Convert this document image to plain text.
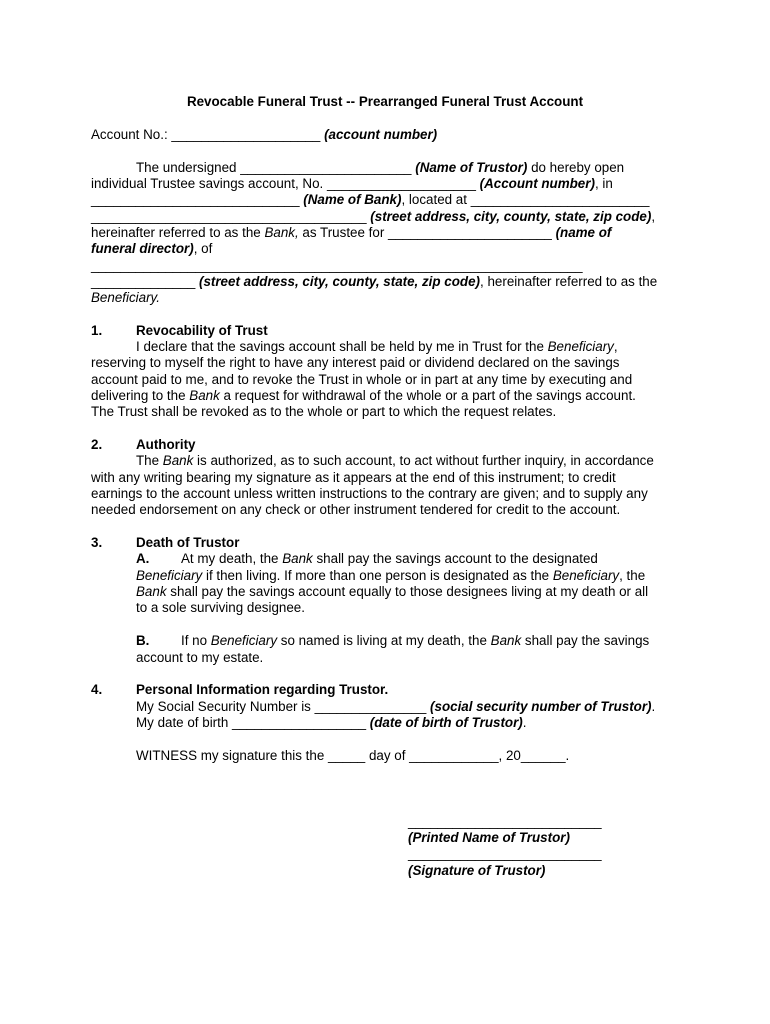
Revocable Funeral Trust -- Prearranged Funeral Trust Account
Account No.: ____________________ (account number)
The undersigned _______________________ (Name of Trustor) do hereby open
individual Trustee savings account, No. ____________________ (Account number), in
____________________________ (Name of Bank), located at ________________________
_____________________________________ (street address, city, county, state, zip code),
hereinafter referred to as the Bank, as Trustee for ______________________ (name of
funeral director), of
__________________________________________________________________
______________ (street address, city, county, state, zip code), hereinafter referred to as the
Beneficiary.
1.	Revocability of Trust
I declare that the savings account shall be held by me in Trust for the Beneficiary,
reserving to myself the right to have any interest paid or dividend declared on the savings
account paid to me, and to revoke the Trust in whole or in part at any time by executing and
delivering to the Bank a request for withdrawal of the whole or a part of the savings account.
The Trust shall be revoked as to the whole or part to which the request relates.
2.	Authority
The Bank is authorized, as to such account, to act without further inquiry, in accordance
with any writing bearing my signature as it appears at the end of this instrument; to credit
earnings to the account unless written instructions to the contrary are given; and to supply any
needed endorsement on any check or other instrument tendered for credit to the account.
3.	Death of Trustor
A. At my death, the Bank shall pay the savings account to the designated
Beneficiary if then living. If more than one person is designated as the Beneficiary, the
Bank shall pay the savings account equally to those designees living at my death or all
to a sole surviving designee.
B. If no Beneficiary so named is living at my death, the Bank shall pay the savings
account to my estate.
4.	Personal Information regarding Trustor.
My Social Security Number is _______________ (social security number of Trustor).
My date of birth __________________ (date of birth of Trustor).
WITNESS my signature this the _____ day of ____________, 20______.
__________________________
(Printed Name of Trustor)
__________________________
(Signature of Trustor)
